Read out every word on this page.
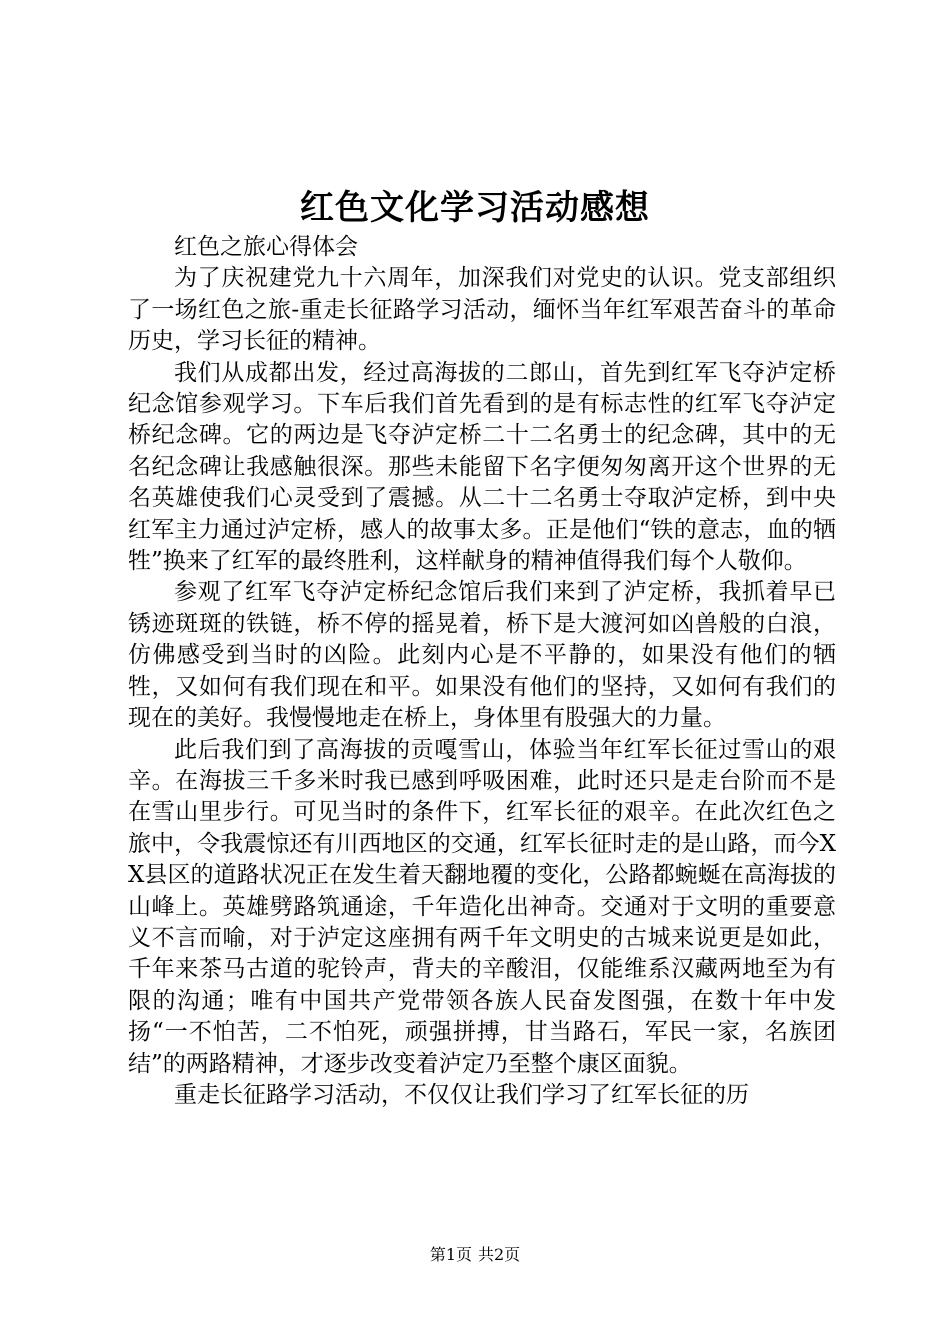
红色文化学习活动感想

红色之旅心得体会

为了庆祝建党九十六周年，加深我们对党史的认识。党支部组织了一场红色之旅-重走长征路学习活动，缅怀当年红军艰苦奋斗的革命历史，学习长征的精神。

我们从成都出发，经过高海拔的二郎山，首先到红军飞夺泸定桥纪念馆参观学习。下车后我们首先看到的是有标志性的红军飞夺泸定桥纪念碑。它的两边是飞夺泸定桥二十二名勇士的纪念碑，其中的无名纪念碑让我感触很深。那些未能留下名字便匆匆离开这个世界的无名英雄使我们心灵受到了震撼。从二十二名勇士夺取泸定桥，到中央红军主力通过泸定桥，感人的故事太多。正是他们“铁的意志，血的牺牲”换来了红军的最终胜利，这样献身的精神值得我们每个人敬仰。

参观了红军飞夺泸定桥纪念馆后我们来到了泸定桥，我抓着早已锈迹斑斑的铁链，桥不停的摇晃着，桥下是大渡河如凶兽般的白浪，仿佛感受到当时的凶险。此刻内心是不平静的，如果没有他们的牺牲，又如何有我们现在和平。如果没有他们的坚持，又如何有我们的现在的美好。我慢慢地走在桥上，身体里有股强大的力量。

此后我们到了高海拔的贡嘎雪山，体验当年红军长征过雪山的艰辛。在海拔三千多米时我已感到呼吸困难，此时还只是走台阶而不是在雪山里步行。可见当时的条件下，红军长征的艰辛。在此次红色之旅中，令我震惊还有川西地区的交通，红军长征时走的是山路，而今XX县区的道路状况正在发生着天翻地覆的变化，公路都蜿蜒在高海拔的山峰上。英雄劈路筑通途，千年造化出神奇。交通对于文明的重要意义不言而喻，对于泸定这座拥有两千年文明史的古城来说更是如此，千年来茶马古道的驼铃声，背夫的辛酸泪，仅能维系汉藏两地至为有限的沟通；唯有中国共产党带领各族人民奋发图强，在数十年中发扬“一不怕苦，二不怕死，顽强拼搏，甘当路石，军民一家，名族团结”的两路精神，才逐步改变着泸定乃至整个康区面貌。

重走长征路学习活动，不仅仅让我们学习了红军长征的历

第1页 共2页
